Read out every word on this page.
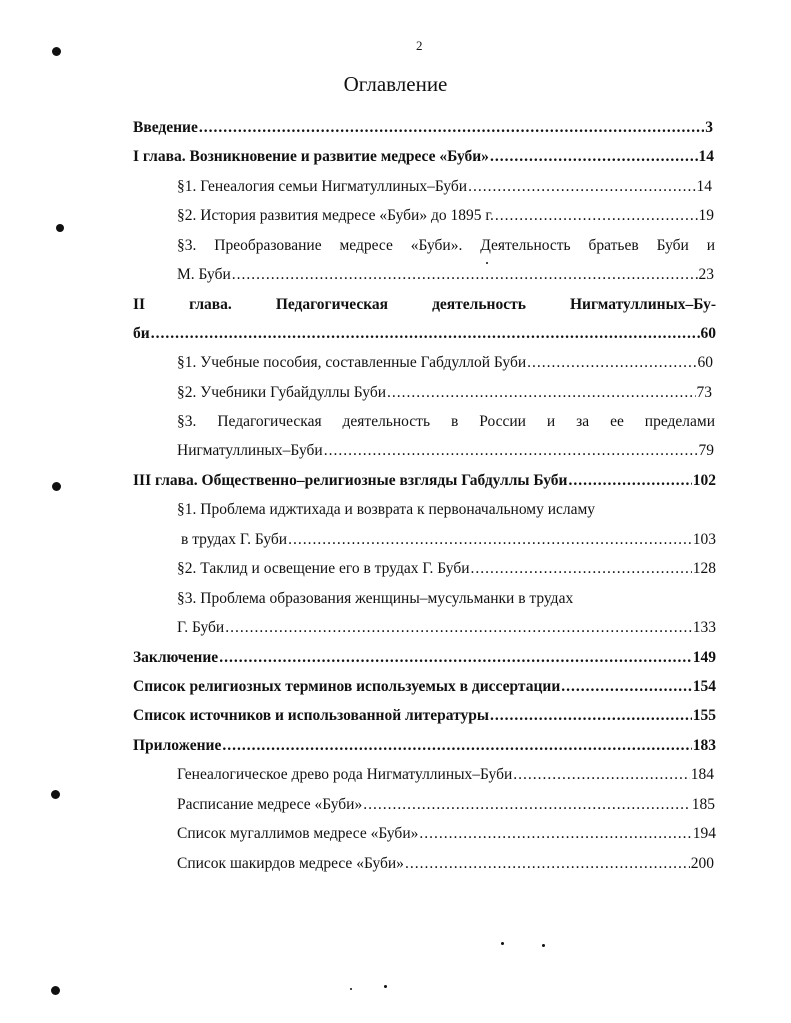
2
Оглавление
Введение .....	3
I глава. Возникновение и развитие медресе «Буби» .....	14
§1. Генеалогия семьи Нигматуллиных–Буби .....	14
§2. История развития медресе «Буби» до 1895 г. .....	19
§3. Преобразование медресе «Буби». Деятельность братьев Буби и
М. Буби .....	23
II глава. Педагогическая деятельность Нигматуллиных–Бу-
би .....	60
§1. Учебные пособия, составленные Габдуллой Буби .....	60
§2. Учебники Губайдуллы Буби .....	73
§3. Педагогическая деятельность в России и за ее пределами
Нигматуллиных–Буби .....	79
III глава. Общественно–религиозные взгляды Габдуллы Буби .....	102
§1. Проблема иджтихада и возврата к первоначальному исламу
в трудах Г. Буби .....	103
§2. Таклид и освещение его в трудах Г. Буби .....	128
§3. Проблема образования женщины–мусульманки в трудах
Г. Буби .....	133
Заключение .....	149
Список религиозных терминов используемых в диссертации .....	154
Список источников и использованной литературы .....	155
Приложение .....	183
Генеалогическое древо рода Нигматуллиных–Буби .....	184
Расписание медресе «Буби» .....	185
Список мугаллимов медресе «Буби» .....	194
Список шакирдов медресе «Буби» .....	200
